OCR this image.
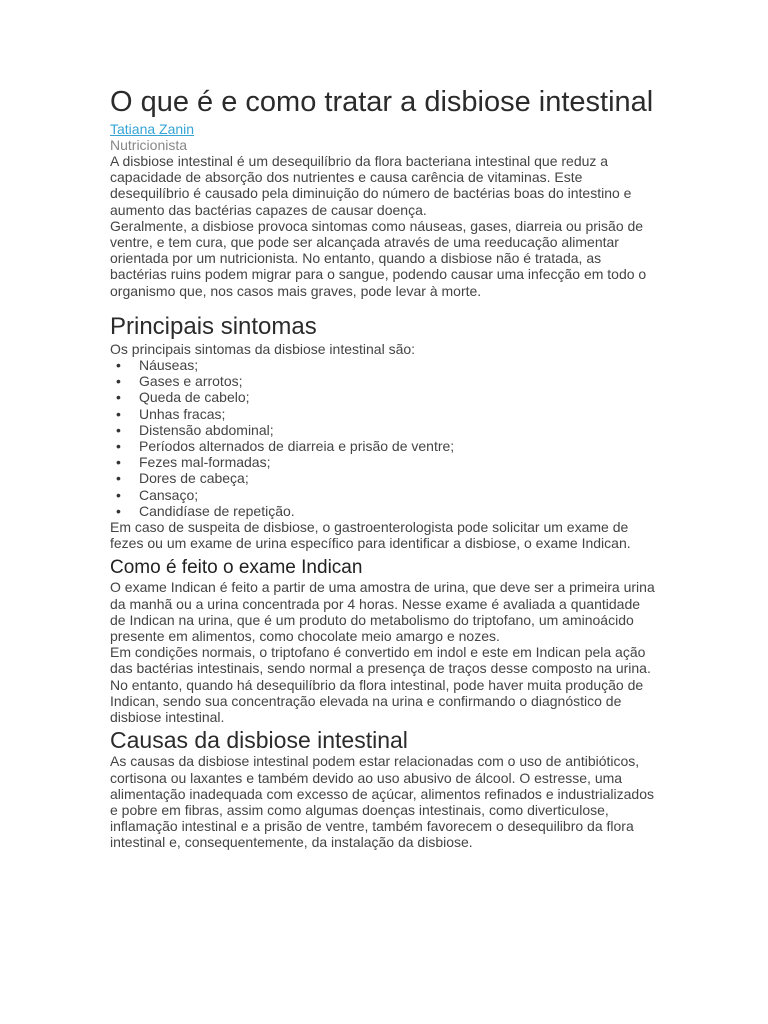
O que é e como tratar a disbiose intestinal
Tatiana Zanin
Nutricionista

A disbiose intestinal é um desequilíbrio da flora bacteriana intestinal que reduz a capacidade de absorção dos nutrientes e causa carência de vitaminas. Este desequilíbrio é causado pela diminuição do número de bactérias boas do intestino e aumento das bactérias capazes de causar doença.

Geralmente, a disbiose provoca sintomas como náuseas, gases, diarreia ou prisão de ventre, e tem cura, que pode ser alcançada através de uma reeducação alimentar orientada por um nutricionista. No entanto, quando a disbiose não é tratada, as bactérias ruins podem migrar para o sangue, podendo causar uma infecção em todo o organismo que, nos casos mais graves, pode levar à morte.

Principais sintomas

Os principais sintomas da disbiose intestinal são:

• Náuseas;
• Gases e arrotos;
• Queda de cabelo;
• Unhas fracas;
• Distensão abdominal;
• Períodos alternados de diarreia e prisão de ventre;
• Fezes mal-formadas;
• Dores de cabeça;
• Cansaço;
• Candidíase de repetição.

Em caso de suspeita de disbiose, o gastroenterologista pode solicitar um exame de fezes ou um exame de urina específico para identificar a disbiose, o exame Indican.

Como é feito o exame Indican

O exame Indican é feito a partir de uma amostra de urina, que deve ser a primeira urina da manhã ou a urina concentrada por 4 horas. Nesse exame é avaliada a quantidade de Indican na urina, que é um produto do metabolismo do triptofano, um aminoácido presente em alimentos, como chocolate meio amargo e nozes.

Em condições normais, o triptofano é convertido em indol e este em Indican pela ação das bactérias intestinais, sendo normal a presença de traços desse composto na urina. No entanto, quando há desequilíbrio da flora intestinal, pode haver muita produção de Indican, sendo sua concentração elevada na urina e confirmando o diagnóstico de disbiose intestinal.

Causas da disbiose intestinal

As causas da disbiose intestinal podem estar relacionadas com o uso de antibióticos, cortisona ou laxantes e também devido ao uso abusivo de álcool. O estresse, uma alimentação inadequada com excesso de açúcar, alimentos refinados e industrializados e pobre em fibras, assim como algumas doenças intestinais, como diverticulose, inflamação intestinal e a prisão de ventre, também favorecem o desequilibro da flora intestinal e, consequentemente, da instalação da disbiose.
